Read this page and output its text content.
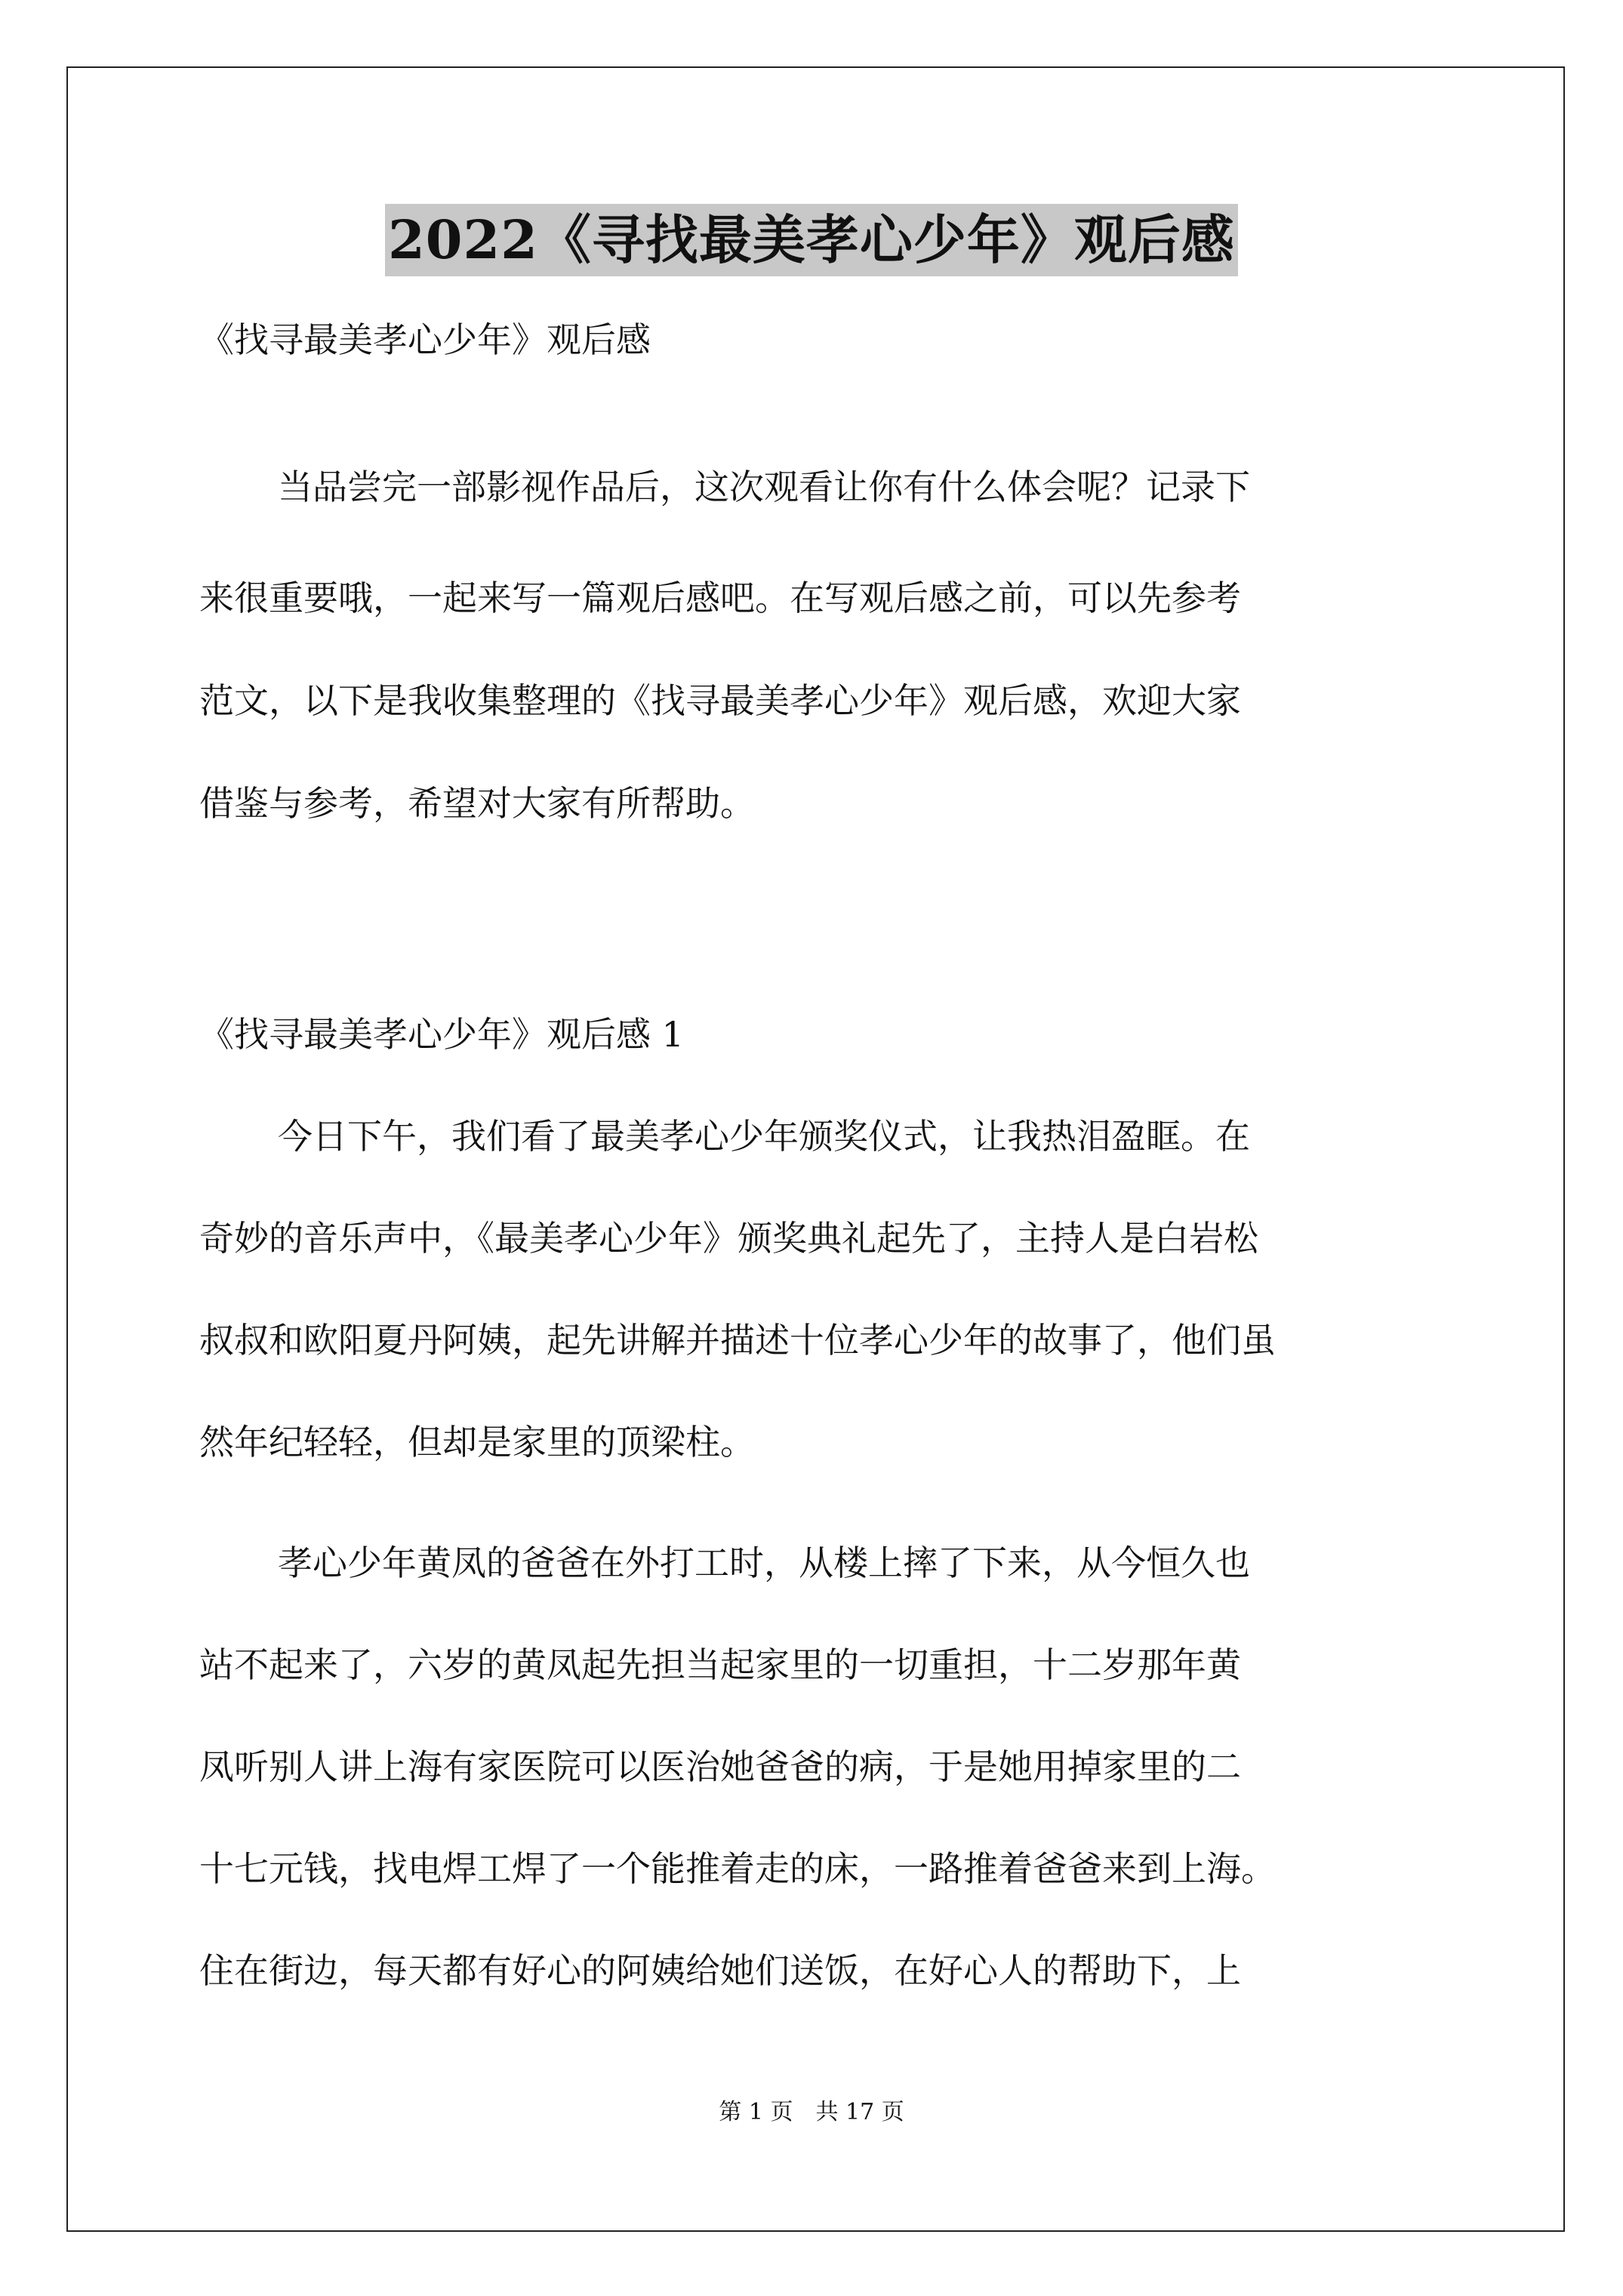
2022《寻找最美孝心少年》观后感
《找寻最美孝心少年》观后感
当品尝完一部影视作品后，这次观看让你有什么体会呢？记录下
来很重要哦，一起来写一篇观后感吧。在写观后感之前，可以先参考
范文，以下是我收集整理的《找寻最美孝心少年》观后感，欢迎大家
借鉴与参考，希望对大家有所帮助。
《找寻最美孝心少年》观后感 1
今日下午，我们看了最美孝心少年颁奖仪式，让我热泪盈眶。在
奇妙的音乐声中，《最美孝心少年》颁奖典礼起先了，主持人是白岩松
叔叔和欧阳夏丹阿姨，起先讲解并描述十位孝心少年的故事了，他们虽
然年纪轻轻，但却是家里的顶梁柱。
孝心少年黄凤的爸爸在外打工时，从楼上摔了下来，从今恒久也
站不起来了，六岁的黄凤起先担当起家里的一切重担，十二岁那年黄
凤听别人讲上海有家医院可以医治她爸爸的病，于是她用掉家里的二
十七元钱，找电焊工焊了一个能推着走的床，一路推着爸爸来到上海。
住在街边，每天都有好心的阿姨给她们送饭，在好心人的帮助下，上
第 1 页　共 17 页
